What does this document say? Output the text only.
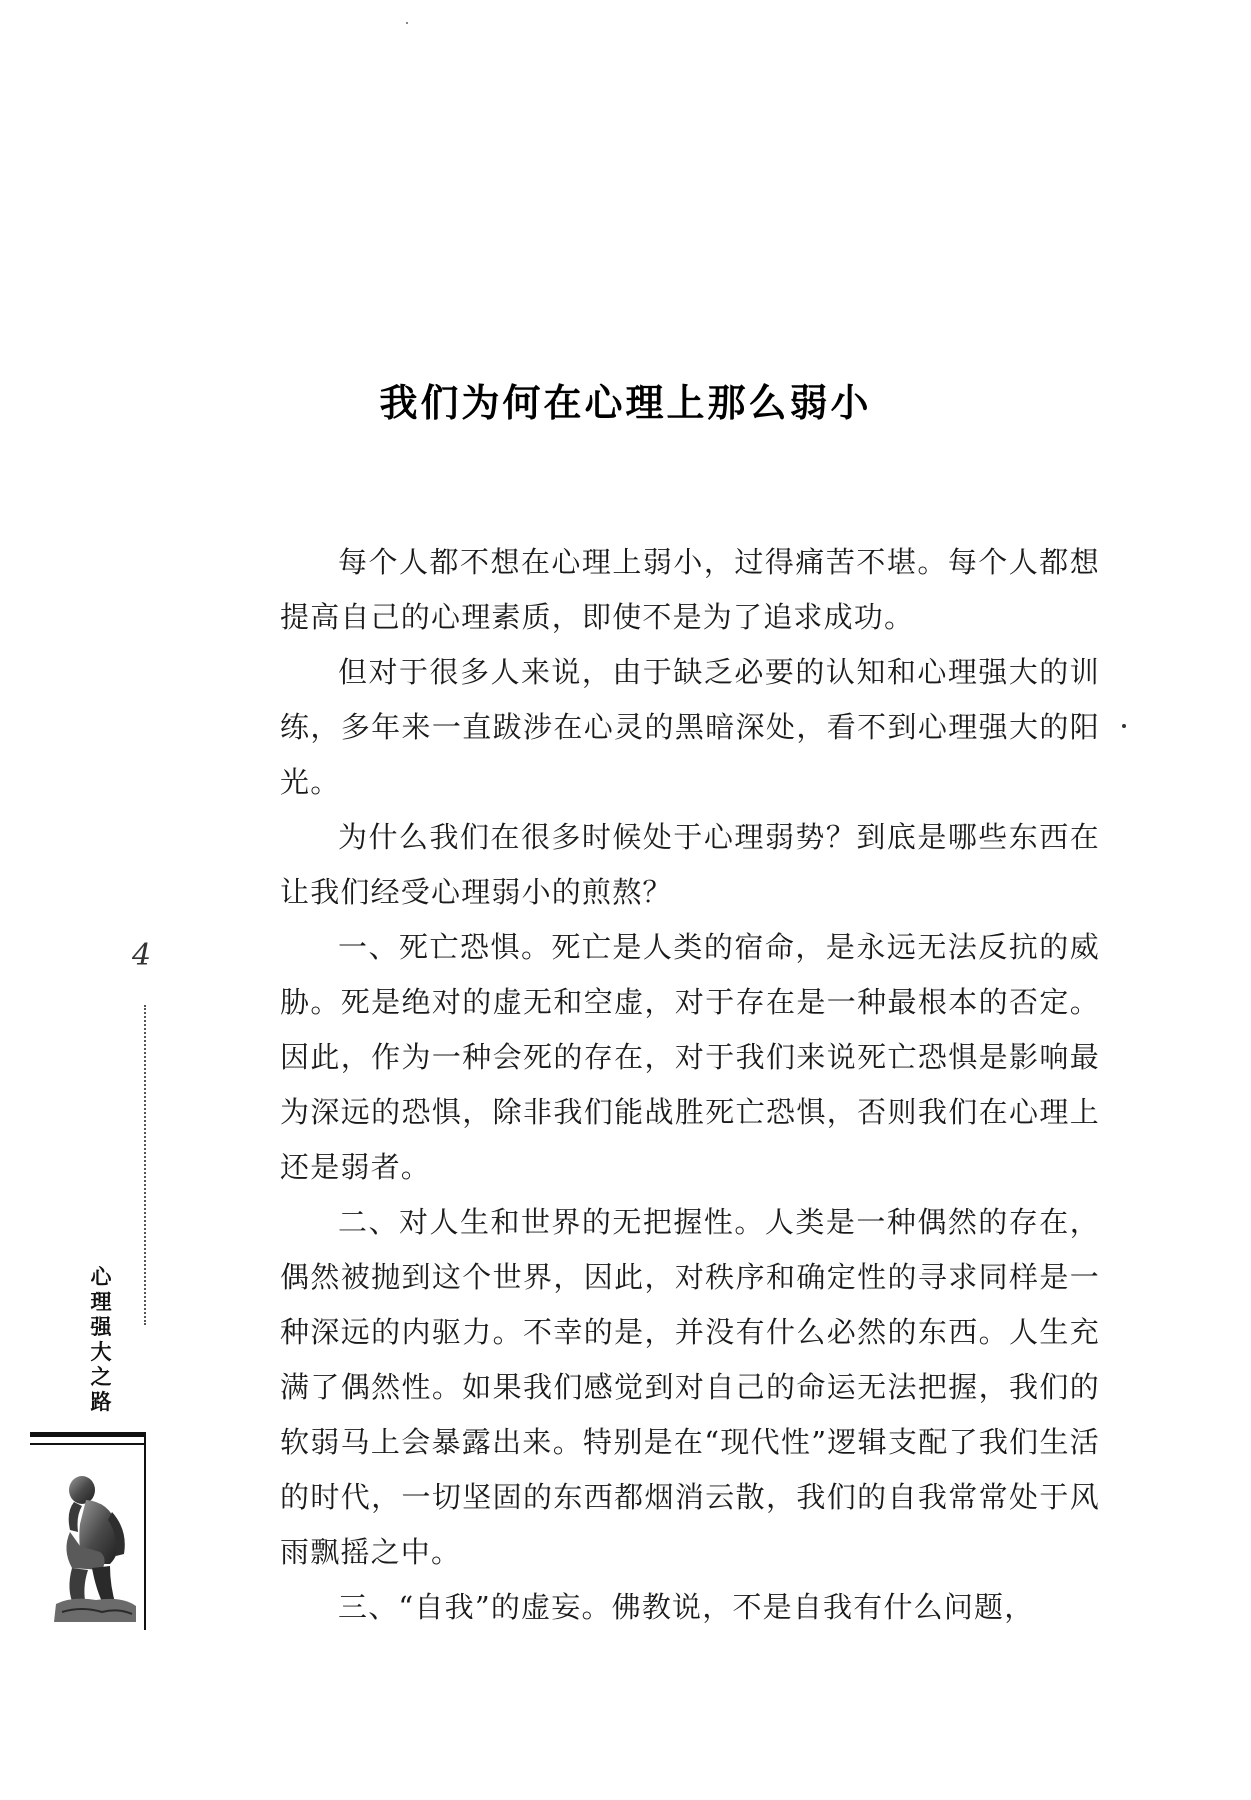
我们为何在心理上那么弱小

每个人都不想在心理上弱小，过得痛苦不堪。每个人都想提高自己的心理素质，即使不是为了追求成功。

但对于很多人来说，由于缺乏必要的认知和心理强大的训练，多年来一直跋涉在心灵的黑暗深处，看不到心理强大的阳光。

为什么我们在很多时候处于心理弱势？到底是哪些东西在让我们经受心理弱小的煎熬？

一、死亡恐惧。死亡是人类的宿命，是永远无法反抗的威胁。死是绝对的虚无和空虚，对于存在是一种最根本的否定。因此，作为一种会死的存在，对于我们来说死亡恐惧是影响最为深远的恐惧，除非我们能战胜死亡恐惧，否则我们在心理上还是弱者。

二、对人生和世界的无把握性。人类是一种偶然的存在，偶然被抛到这个世界，因此，对秩序和确定性的寻求同样是一种深远的内驱力。不幸的是，并没有什么必然的东西。人生充满了偶然性。如果我们感觉到对自己的命运无法把握，我们的软弱马上会暴露出来。特别是在“现代性”逻辑支配了我们生活的时代，一切坚固的东西都烟消云散，我们的自我常常处于风雨飘摇之中。

三、“自我”的虚妄。佛教说，不是自我有什么问题，

4
心理强大之路
